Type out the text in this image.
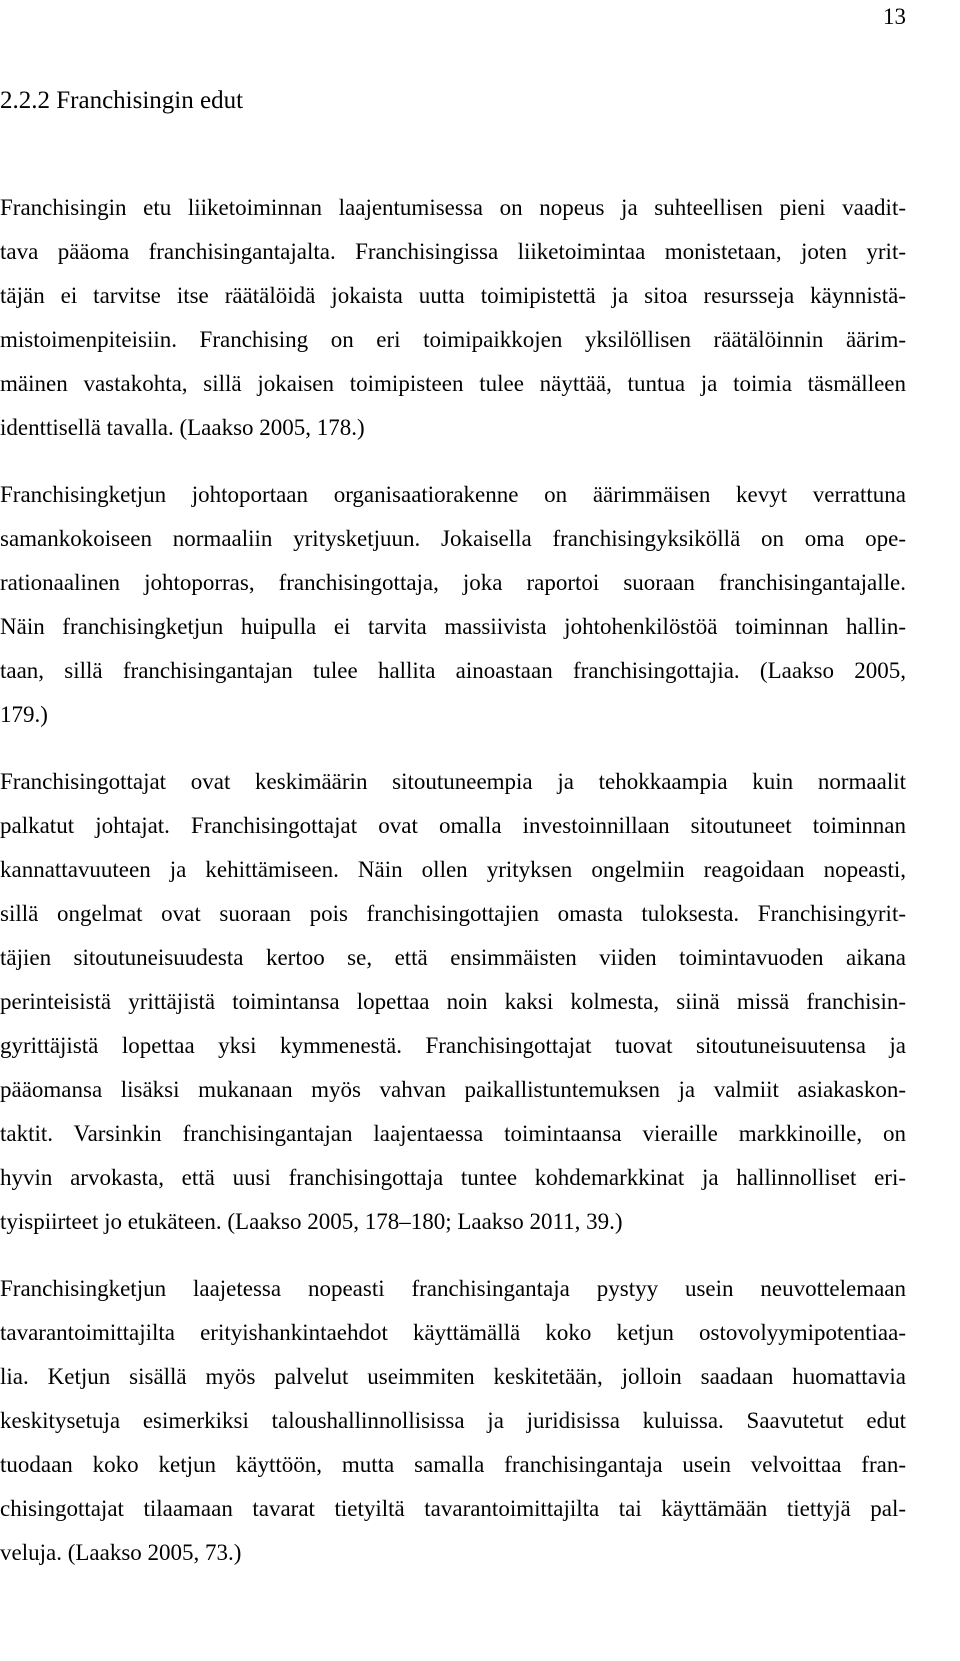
13
2.2.2 Franchisingin edut
Franchisingin etu liiketoiminnan laajentumisessa on nopeus ja suhteellisen pieni vaadit-
tava pääoma franchisingantajalta. Franchisingissa liiketoimintaa monistetaan, joten yrit-
täjän ei tarvitse itse räätälöidä jokaista uutta toimipistettä ja sitoa resursseja käynnistä-
mistoimenpiteisiin. Franchising on eri toimipaikkojen yksilöllisen räätälöinnin äärim-
mäinen vastakohta, sillä jokaisen toimipisteen tulee näyttää, tuntua ja toimia täsmälleen
identtisellä tavalla. (Laakso 2005, 178.)
Franchisingketjun johtoportaan organisaatiorakenne on äärimmäisen kevyt verrattuna
samankokoiseen normaaliin yritysketjuun. Jokaisella franchisingyksiköllä on oma ope-
rationaalinen johtoporras, franchisingottaja, joka raportoi suoraan franchisingantajalle.
Näin franchisingketjun huipulla ei tarvita massiivista johtohenkilöstöä toiminnan hallin-
taan, sillä franchisingantajan tulee hallita ainoastaan franchisingottajia. (Laakso 2005,
179.)
Franchisingottajat ovat keskimäärin sitoutuneempia ja tehokkaampia kuin normaalit
palkatut johtajat. Franchisingottajat ovat omalla investoinnillaan sitoutuneet toiminnan
kannattavuuteen ja kehittämiseen. Näin ollen yrityksen ongelmiin reagoidaan nopeasti,
sillä ongelmat ovat suoraan pois franchisingottajien omasta tuloksesta. Franchisingyrit-
täjien sitoutuneisuudesta kertoo se, että ensimmäisten viiden toimintavuoden aikana
perinteisistä yrittäjistä toimintansa lopettaa noin kaksi kolmesta, siinä missä franchisin-
gyrittäjistä lopettaa yksi kymmenestä. Franchisingottajat tuovat sitoutuneisuutensa ja
pääomansa lisäksi mukanaan myös vahvan paikallistuntemuksen ja valmiit asiakaskon-
taktit. Varsinkin franchisingantajan laajentaessa toimintaansa vieraille markkinoille, on
hyvin arvokasta, että uusi franchisingottaja tuntee kohdemarkkinat ja hallinnolliset eri-
tyispiirteet jo etukäteen. (Laakso 2005, 178–180; Laakso 2011, 39.)
Franchisingketjun laajetessa nopeasti franchisingantaja pystyy usein neuvottelemaan
tavarantoimittajilta erityishankintaehdot käyttämällä koko ketjun ostovolyymipotentiaa-
lia. Ketjun sisällä myös palvelut useimmiten keskitetään, jolloin saadaan huomattavia
keskitysetuja esimerkiksi taloushallinnollisissa ja juridisissa kuluissa. Saavutetut edut
tuodaan koko ketjun käyttöön, mutta samalla franchisingantaja usein velvoittaa fran-
chisingottajat tilaamaan tavarat tietyiltä tavarantoimittajilta tai käyttämään tiettyjä pal-
veluja. (Laakso 2005, 73.)
